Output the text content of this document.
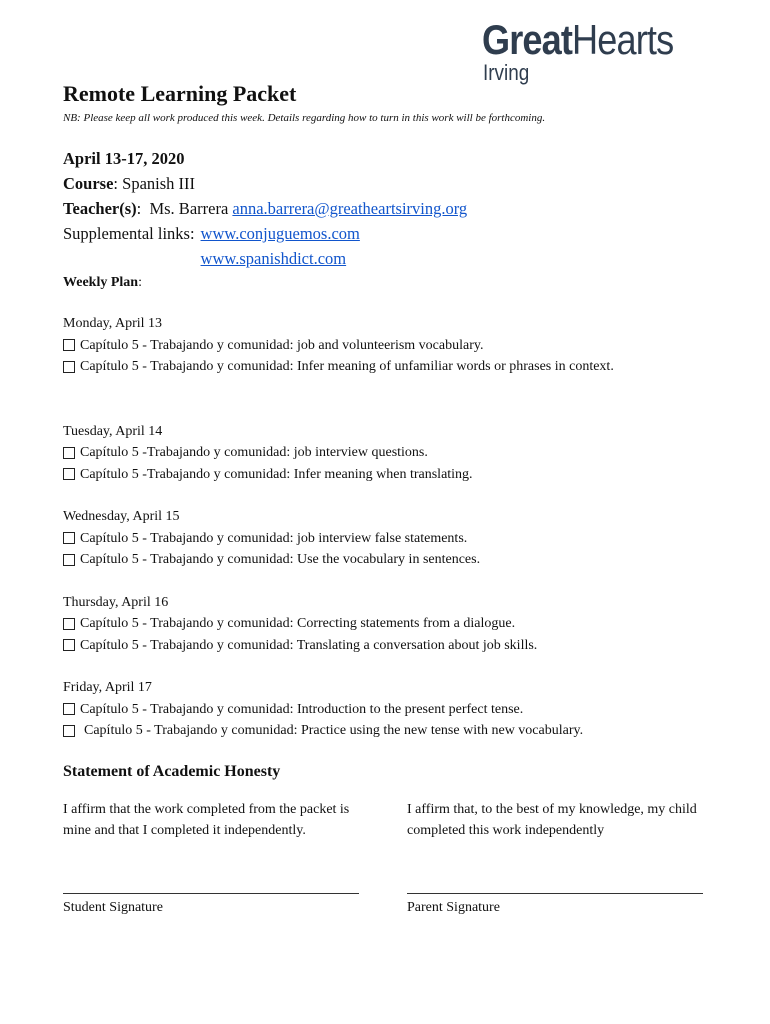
GreatHearts
Irving
Remote Learning Packet

NB: Please keep all work produced this week. Details regarding how to turn in this work will be forthcoming.

April 13-17, 2020
Course: Spanish III
Teacher(s):  Ms. Barrera anna.barrera@greatheartsirving.org
Supplemental links: www.conjuguemos.com
www.spanishdict.com
Weekly Plan:
Monday, April 13
Capítulo 5 - Trabajando y comunidad: job and volunteerism vocabulary.
Capítulo 5 - Trabajando y comunidad: Infer meaning of unfamiliar words or phrases in context.
Tuesday, April 14
Capítulo 5 -Trabajando y comunidad: job interview questions.
Capítulo 5 -Trabajando y comunidad: Infer meaning when translating.
Wednesday, April 15
Capítulo 5 - Trabajando y comunidad: job interview false statements.
Capítulo 5 - Trabajando y comunidad: Use the vocabulary in sentences.
Thursday, April 16
Capítulo 5 - Trabajando y comunidad: Correcting statements from a dialogue.
Capítulo 5 - Trabajando y comunidad: Translating a conversation about job skills.
Friday, April 17
Capítulo 5 - Trabajando y comunidad: Introduction to the present perfect tense.
Capítulo 5 - Trabajando y comunidad: Practice using the new tense with new vocabulary.
Statement of Academic Honesty
I affirm that the work completed from the packet is mine and that I completed it independently.
I affirm that, to the best of my knowledge, my child completed this work independently
Student Signature	Parent Signature
